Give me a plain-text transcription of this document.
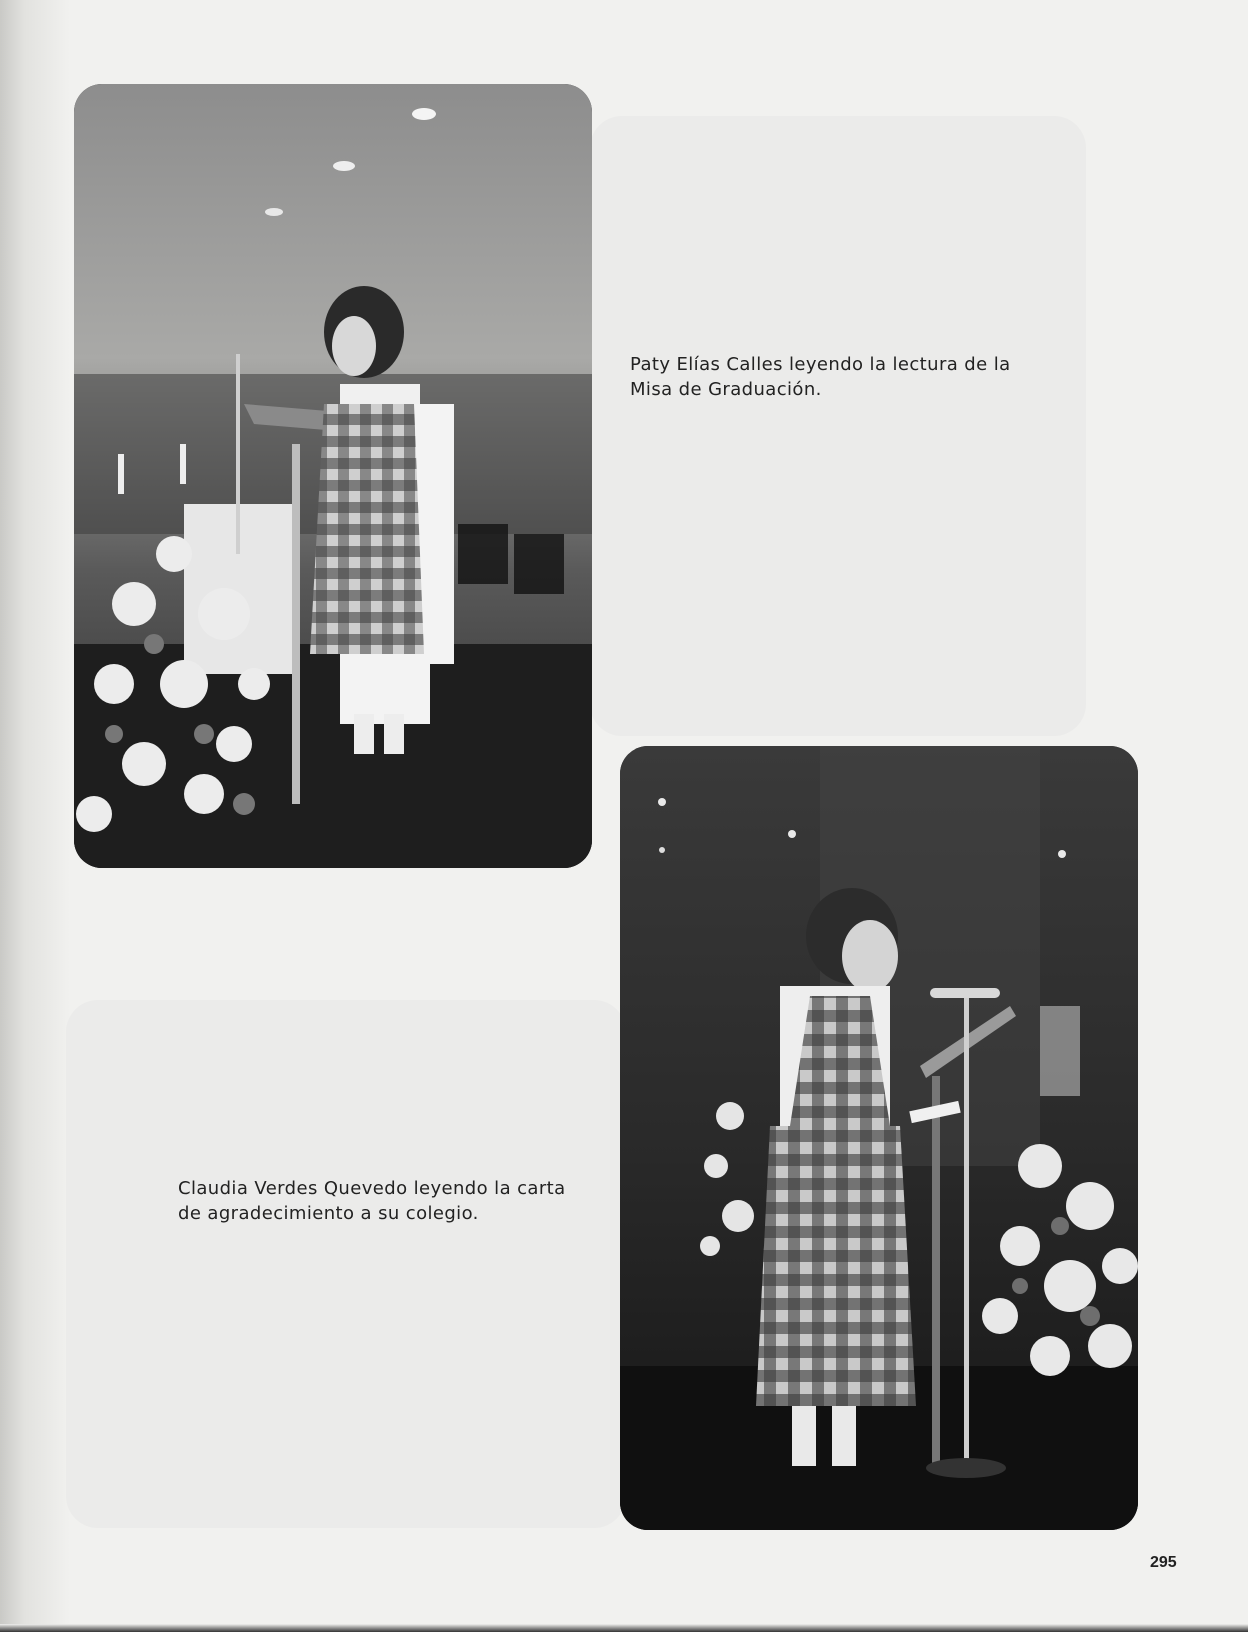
Paty Elías Calles leyendo la lectura de la
Misa de Graduación.
Claudia Verdes Quevedo leyendo la carta
de agradecimiento a su colegio.
295
